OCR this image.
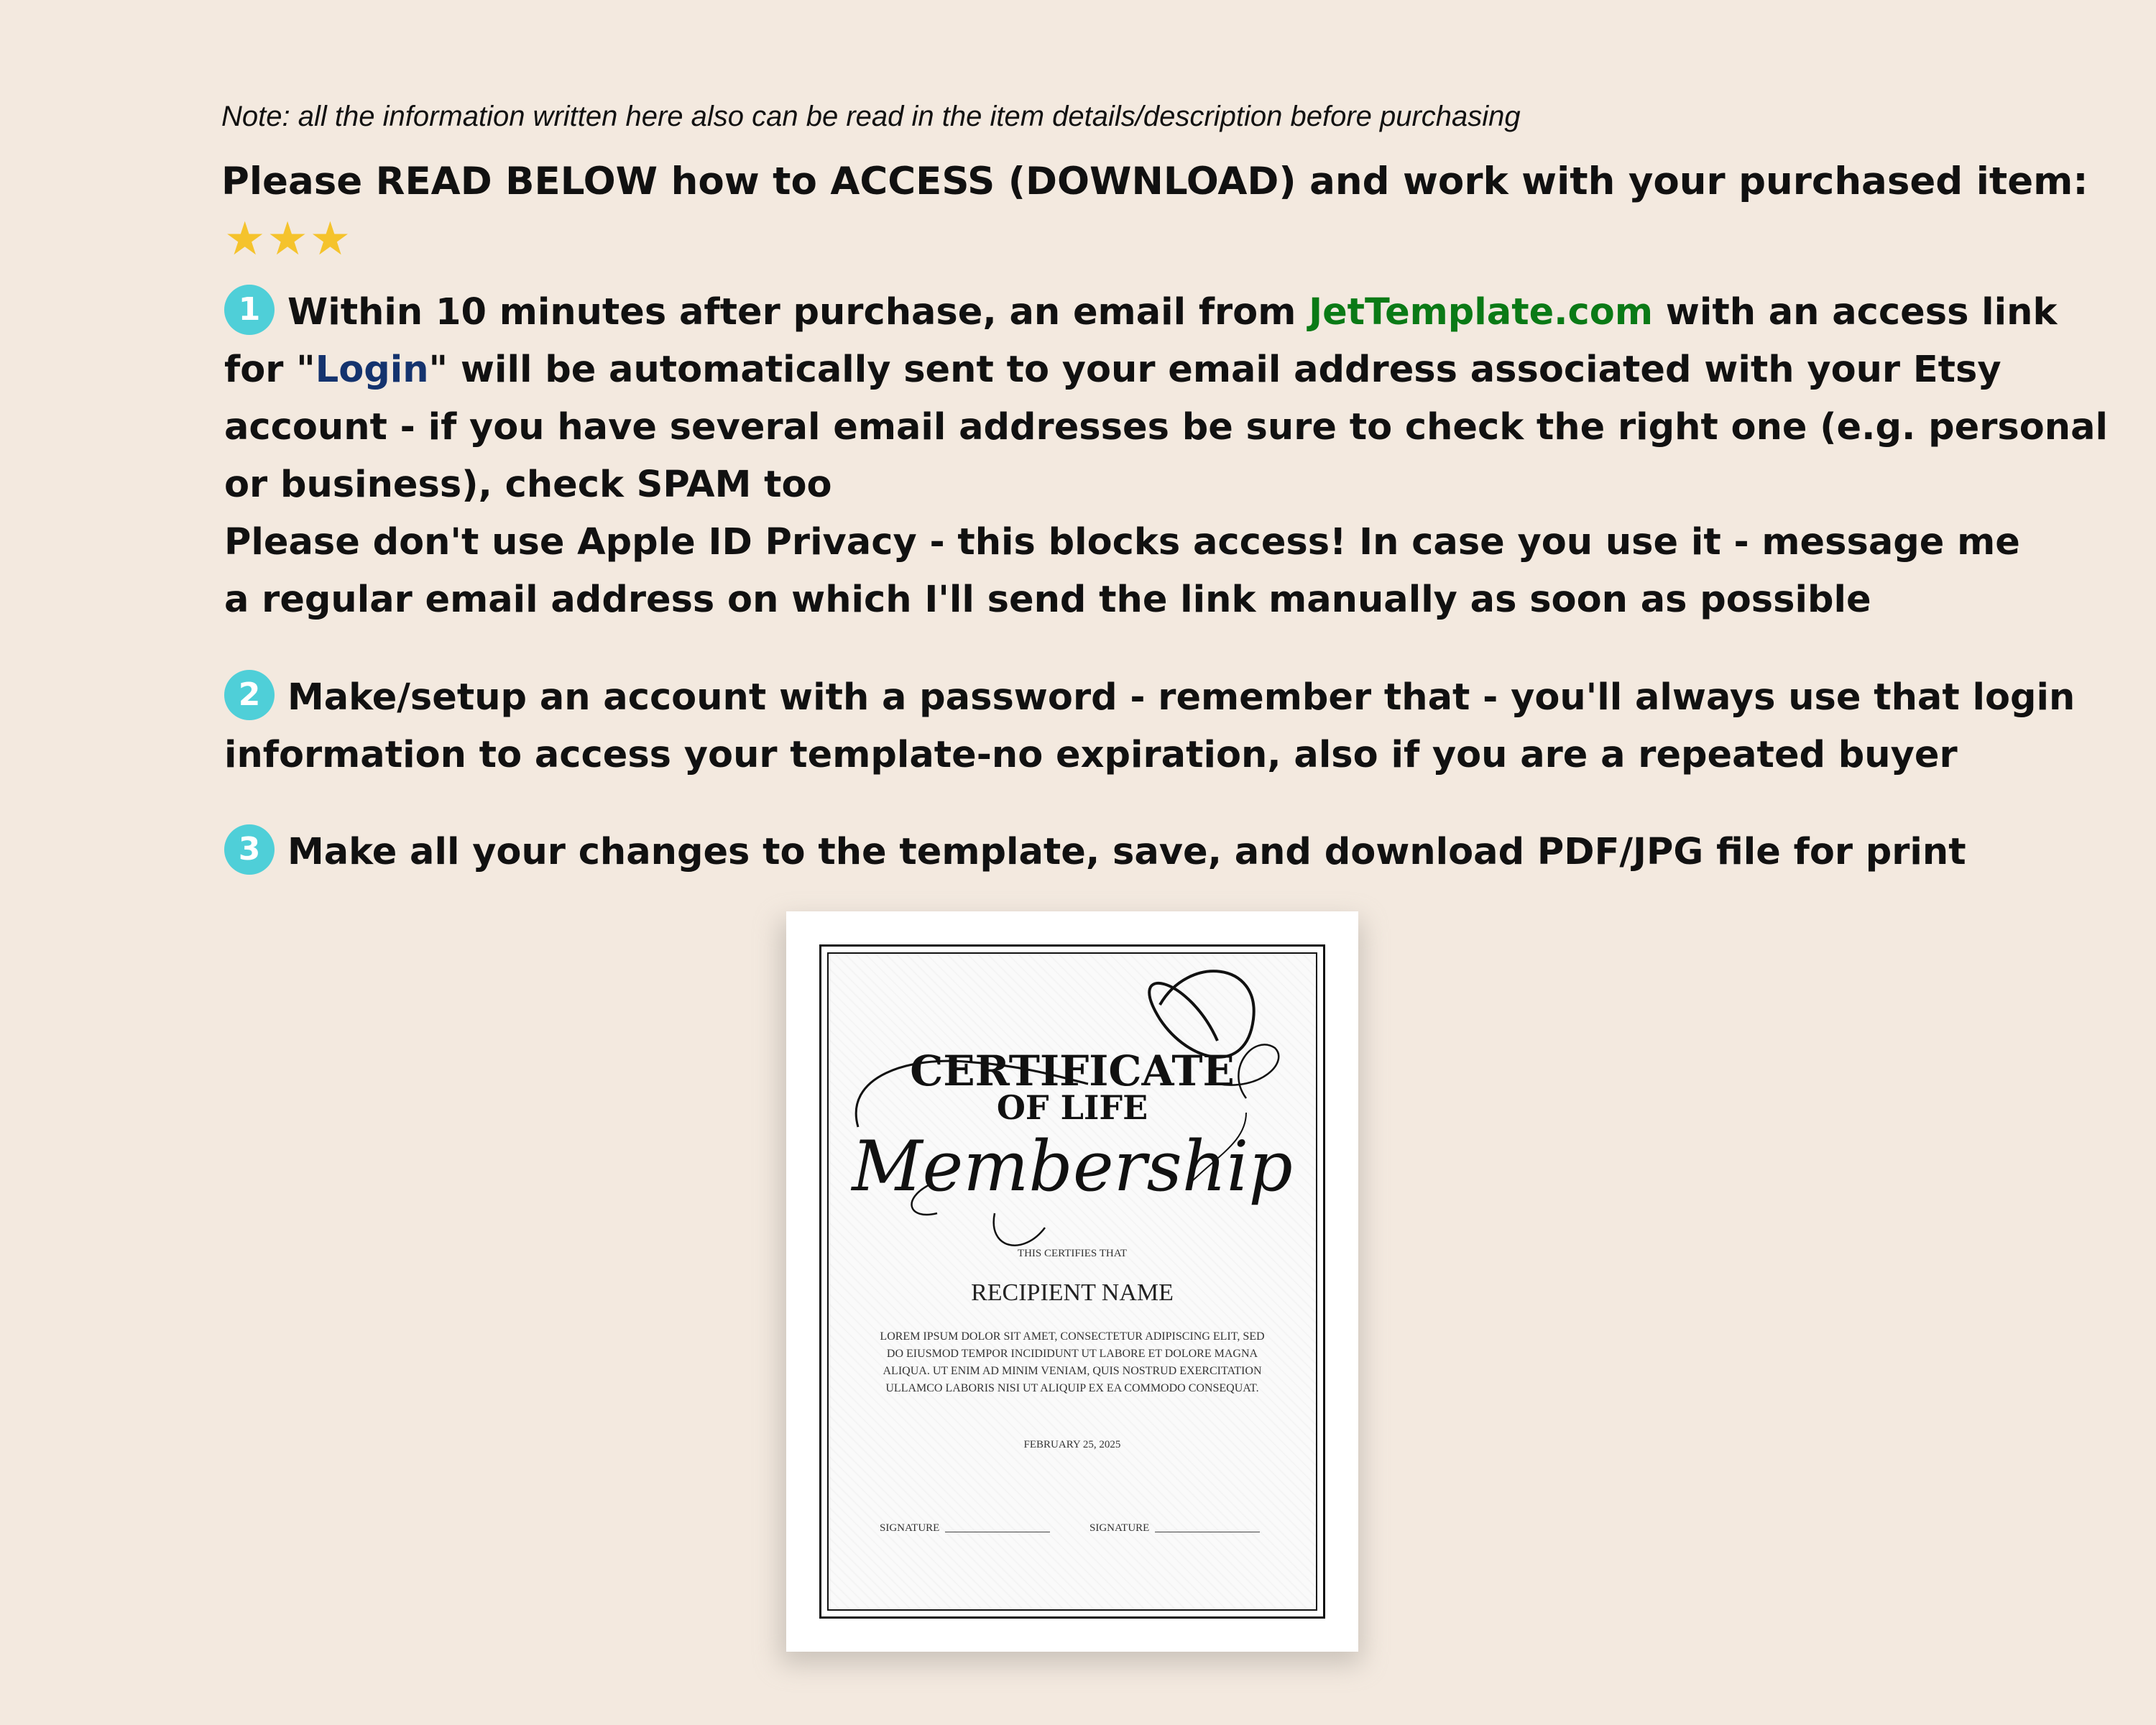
Note: all the information written here also can be read in the item details/description before purchasing
Please READ BELOW how to ACCESS (DOWNLOAD) and work with your purchased item:
★★★

1 Within 10 minutes after purchase, an email from JetTemplate.com with an access link

for "Login" will be automatically sent to your email address associated with your Etsy

account - if you have several email addresses be sure to check the right one (e.g. personal

or business), check SPAM too

Please don't use Apple ID Privacy - this blocks access! In case you use it - message me

a regular email address on which I'll send the link manually as soon as possible

2 Make/setup an account with a password - remember that - you'll always use that login

information to access your template-no expiration, also if you are a repeated buyer

3 Make all your changes to the template, save, and download PDF/JPG file for print

CERTIFICATE
OF LIFE
Membership
THIS CERTIFIES THAT
RECIPIENT NAME
LOREM IPSUM DOLOR SIT AMET, CONSECTETUR ADIPISCING ELIT, SED DO EIUSMOD TEMPOR INCIDIDUNT UT LABORE ET DOLORE MAGNA ALIQUA. UT ENIM AD MINIM VENIAM, QUIS NOSTRUD EXERCITATION ULLAMCO LABORIS NISI UT ALIQUIP EX EA COMMODO CONSEQUAT.
FEBRUARY 25, 2025
SIGNATURE	SIGNATURE
